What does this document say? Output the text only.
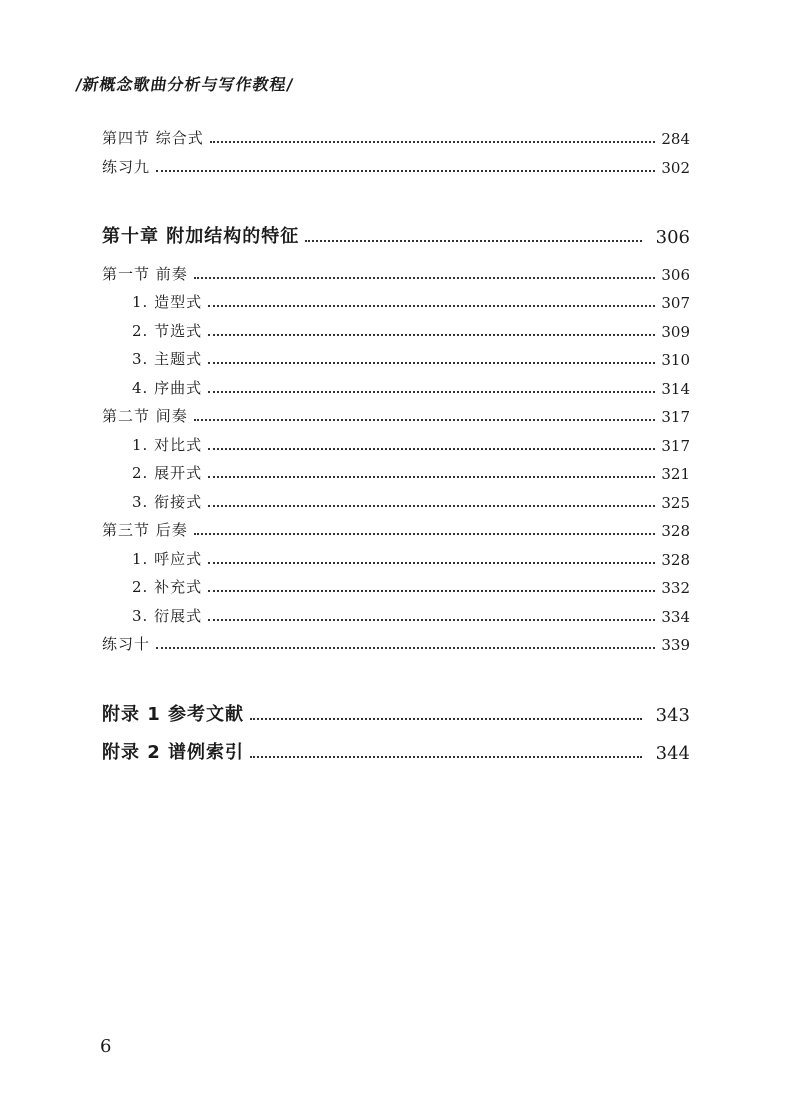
/新概念歌曲分析与写作教程/
第四节 综合式	284
练习九	302
第十章 附加结构的特征	306
第一节 前奏	306
1. 造型式	307
2. 节选式	309
3. 主题式	310
4. 序曲式	314
第二节 间奏	317
1. 对比式	317
2. 展开式	321
3. 衔接式	325
第三节 后奏	328
1. 呼应式	328
2. 补充式	332
3. 衍展式	334
练习十	339
附录 1 参考文献	343
附录 2 谱例索引	344
6
